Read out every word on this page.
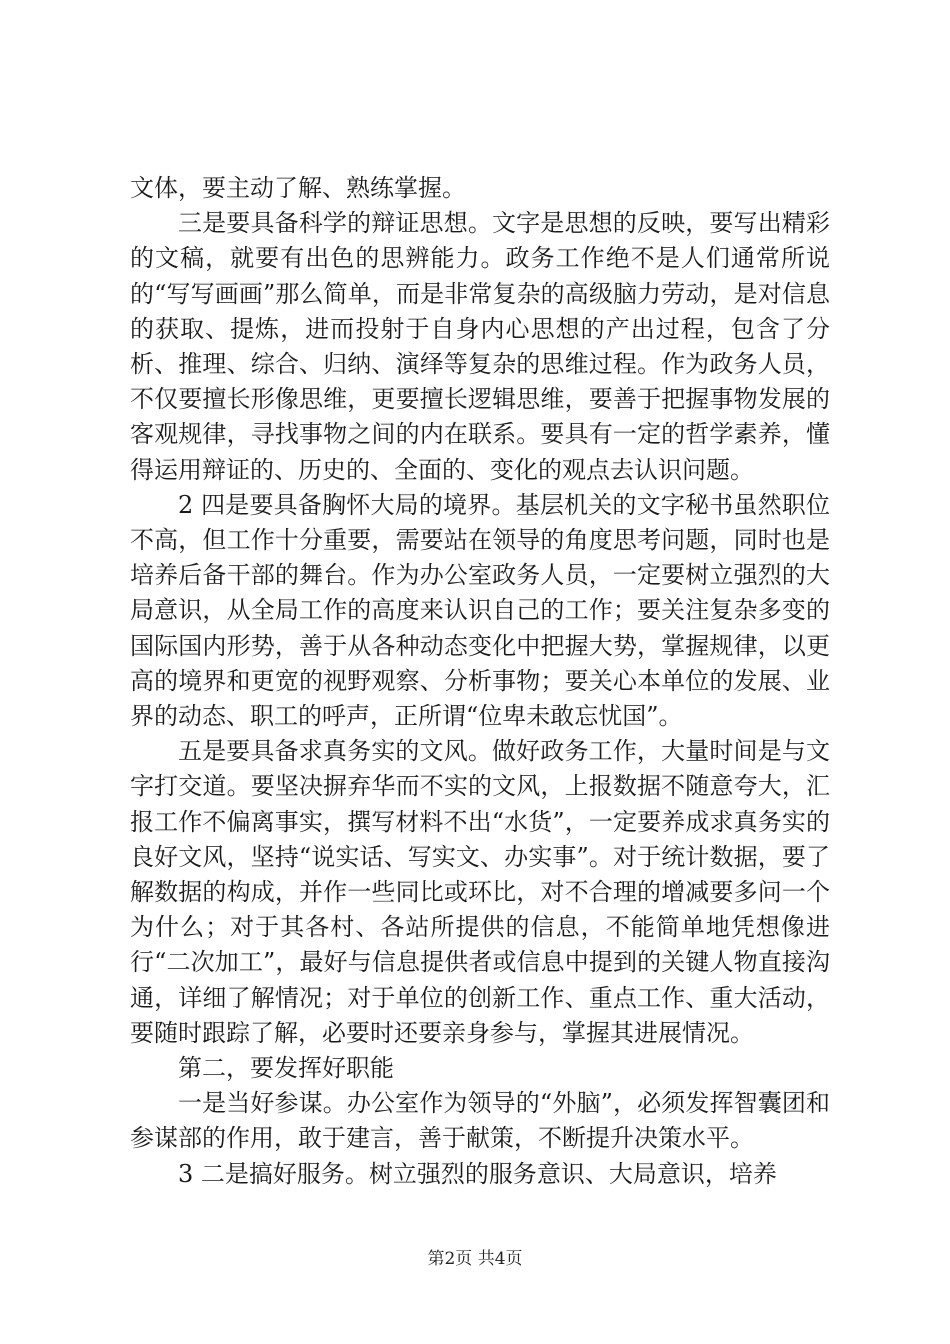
文体，要主动了解、熟练掌握。

三是要具备科学的辩证思想。文字是思想的反映，要写出精彩的文稿，就要有出色的思辨能力。政务工作绝不是人们通常所说的“写写画画”那么简单，而是非常复杂的高级脑力劳动，是对信息的获取、提炼，进而投射于自身内心思想的产出过程，包含了分析、推理、综合、归纳、演绎等复杂的思维过程。作为政务人员，不仅要擅长形像思维，更要擅长逻辑思维，要善于把握事物发展的客观规律，寻找事物之间的内在联系。要具有一定的哲学素养，懂得运用辩证的、历史的、全面的、变化的观点去认识问题。

2 四是要具备胸怀大局的境界。基层机关的文字秘书虽然职位不高，但工作十分重要，需要站在领导的角度思考问题，同时也是培养后备干部的舞台。作为办公室政务人员，一定要树立强烈的大局意识，从全局工作的高度来认识自己的工作；要关注复杂多变的国际国内形势，善于从各种动态变化中把握大势，掌握规律，以更高的境界和更宽的视野观察、分析事物；要关心本单位的发展、业界的动态、职工的呼声，正所谓“位卑未敢忘忧国”。

五是要具备求真务实的文风。做好政务工作，大量时间是与文字打交道。要坚决摒弃华而不实的文风，上报数据不随意夸大，汇报工作不偏离事实，撰写材料不出“水货”，一定要养成求真务实的良好文风，坚持“说实话、写实文、办实事”。对于统计数据，要了解数据的构成，并作一些同比或环比，对不合理的增减要多问一个为什么；对于其各村、各站所提供的信息，不能简单地凭想像进行“二次加工”，最好与信息提供者或信息中提到的关键人物直接沟通，详细了解情况；对于单位的创新工作、重点工作、重大活动，要随时跟踪了解，必要时还要亲身参与，掌握其进展情况。

第二，要发挥好职能

一是当好参谋。办公室作为领导的“外脑”，必须发挥智囊团和参谋部的作用，敢于建言，善于献策，不断提升决策水平。

3 二是搞好服务。树立强烈的服务意识、大局意识，培养

第2页 共4页
